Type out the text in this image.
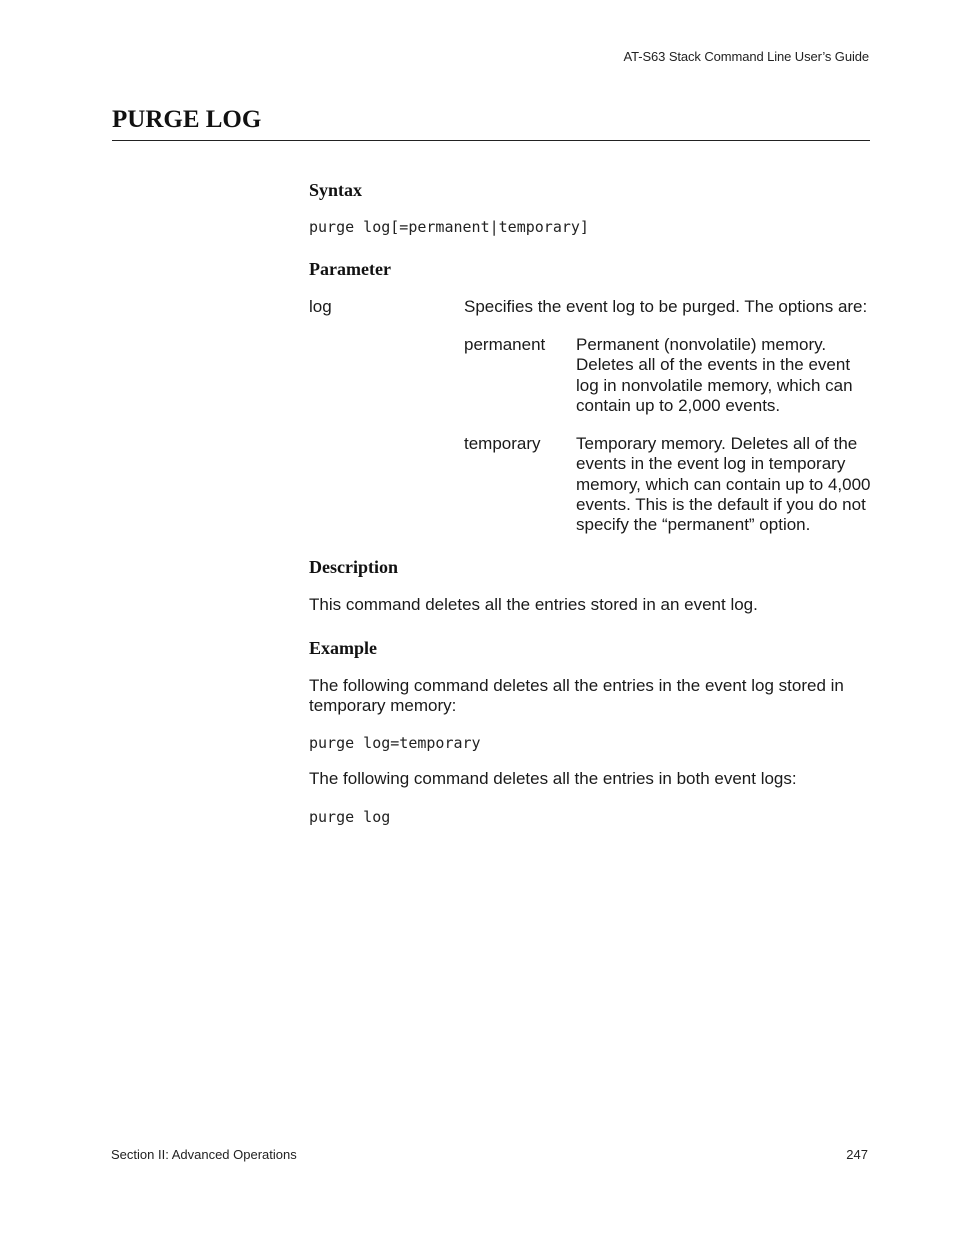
AT-S63 Stack Command Line User’s Guide
PURGE LOG
Syntax
purge log[=permanent|temporary]
Parameter
log	Specifies the event log to be purged. The options are:
permanent Permanent (nonvolatile) memory. Deletes all of the events in the event log in nonvolatile memory, which can contain up to 2,000 events.
temporary Temporary memory. Deletes all of the events in the event log in temporary memory, which can contain up to 4,000 events. This is the default if you do not specify the “permanent” option.
Description
This command deletes all the entries stored in an event log.
Example
The following command deletes all the entries in the event log stored in temporary memory:
purge log=temporary
The following command deletes all the entries in both event logs:
purge log
Section II: Advanced Operations	247
